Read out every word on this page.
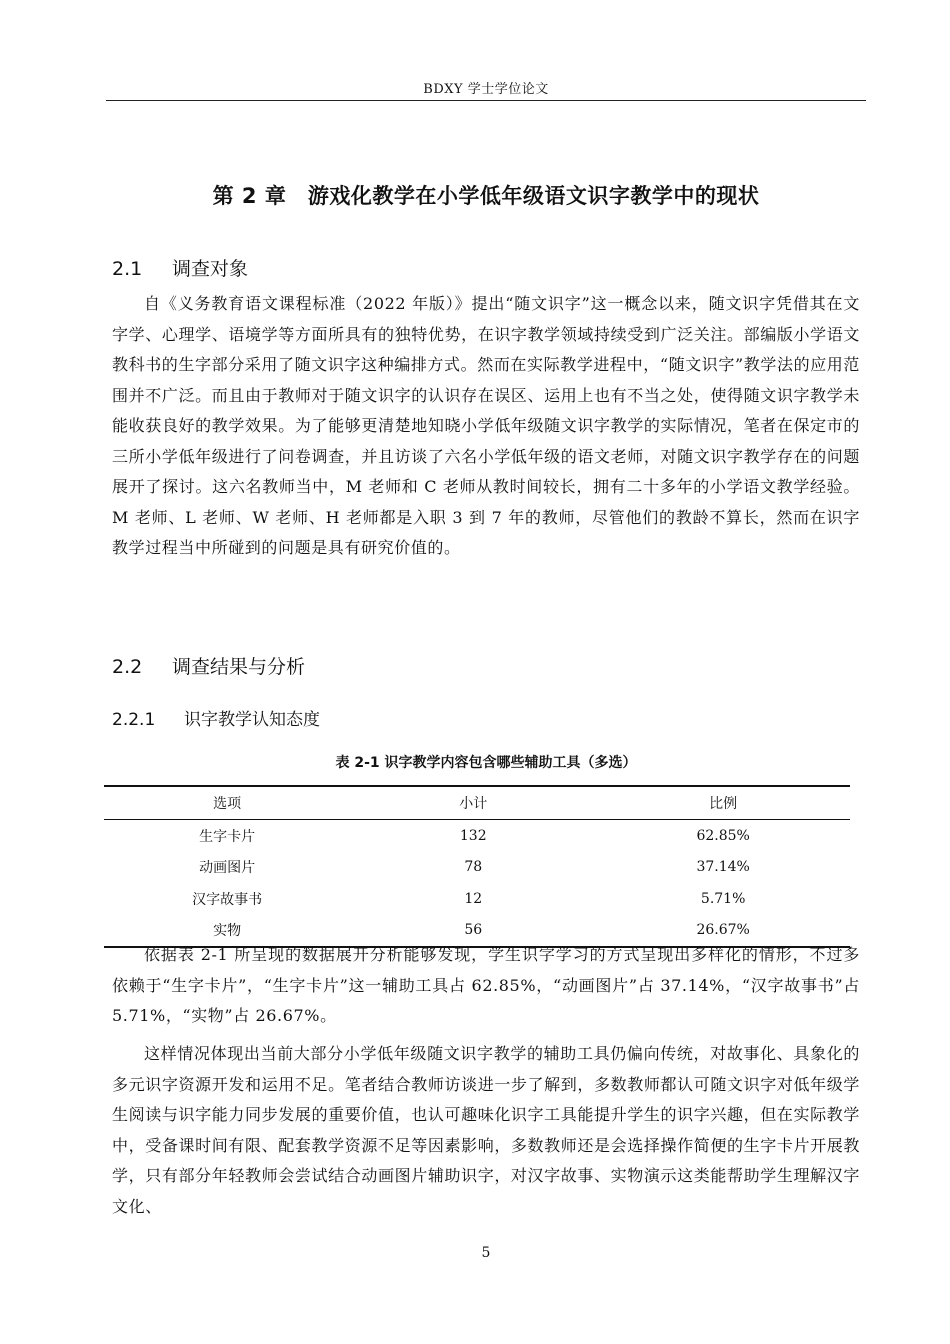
BDXY 学士学位论文
第 2 章　游戏化教学在小学低年级语文识字教学中的现状
2.1 调查对象

自《义务教育语文课程标准（2022 年版）》提出“随文识字”这一概念以来，随文识字凭借其在文字学、心理学、语境学等方面所具有的独特优势，在识字教学领域持续受到广泛关注。部编版小学语文教科书的生字部分采用了随文识字这种编排方式。然而在实际教学进程中，“随文识字”教学法的应用范围并不广泛。而且由于教师对于随文识字的认识存在误区、运用上也有不当之处，使得随文识字教学未能收获良好的教学效果。为了能够更清楚地知晓小学低年级随文识字教学的实际情况，笔者在保定市的三所小学低年级进行了问卷调查，并且访谈了六名小学低年级的语文老师，对随文识字教学存在的问题展开了探讨。这六名教师当中，M 老师和 C 老师从教时间较长，拥有二十多年的小学语文教学经验。M 老师、L 老师、W 老师、H 老师都是入职 3 到 7 年的教师，尽管他们的教龄不算长，然而在识字教学过程当中所碰到的问题是具有研究价值的。

2.2 调查结果与分析
2.2.1 识字教学认知态度
表 2-1 识字教学内容包含哪些辅助工具（多选）
选项	小计	比例
生字卡片	132	62.85%
动画图片	78	37.14%
汉字故事书	12	5.71%
实物	56	26.67%

依据表 2-1 所呈现的数据展开分析能够发现，学生识字学习的方式呈现出多样化的情形，不过多依赖于“生字卡片”，“生字卡片”这一辅助工具占 62.85%，“动画图片”占 37.14%，“汉字故事书”占 5.71%，“实物”占 26.67%。

这样情况体现出当前大部分小学低年级随文识字教学的辅助工具仍偏向传统，对故事化、具象化的多元识字资源开发和运用不足。笔者结合教师访谈进一步了解到，多数教师都认可随文识字对低年级学生阅读与识字能力同步发展的重要价值，也认可趣味化识字工具能提升学生的识字兴趣，但在实际教学中，受备课时间有限、配套教学资源不足等因素影响，多数教师还是会选择操作简便的生字卡片开展教学，只有部分年轻教师会尝试结合动画图片辅助识字，对汉字故事、实物演示这类能帮助学生理解汉字文化、

5
